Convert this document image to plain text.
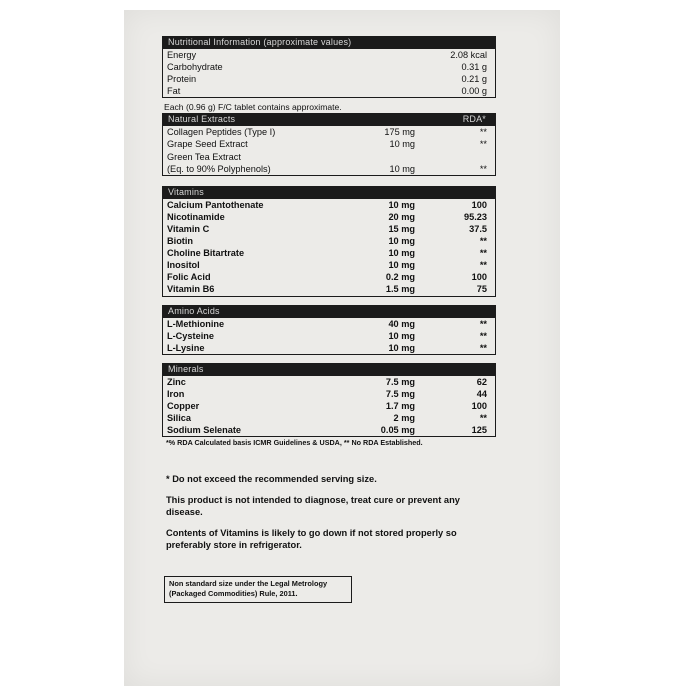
Nutritional Information (approximate values)
Energy	2.08 kcal
Carbohydrate	0.31 g
Protein	0.21 g
Fat	0.00 g
Each (0.96 g) F/C tablet contains approximate.
Natural Extracts	RDA*
Collagen Peptides (Type I)	175 mg	**
Grape Seed Extract	10 mg	**
Green Tea Extract
(Eq. to 90% Polyphenols)	10 mg	**
Vitamins
Calcium Pantothenate	10 mg	100
Nicotinamide	20 mg	95.23
Vitamin C	15 mg	37.5
Biotin	10 mg	**
Choline Bitartrate	10 mg	**
Inositol	10 mg	**
Folic Acid	0.2 mg	100
Vitamin B6	1.5 mg	75
Amino Acids
L-Methionine	40 mg	**
L-Cysteine	10 mg	**
L-Lysine	10 mg	**
Minerals
Zinc	7.5 mg	62
Iron	7.5 mg	44
Copper	1.7 mg	100
Silica	2 mg	**
Sodium Selenate	0.05 mg	125
*% RDA Calculated basis ICMR Guidelines & USDA, ** No RDA Established.

* Do not exceed the recommended serving size.

This product is not intended to diagnose, treat cure or prevent any disease.

Contents of Vitamins is likely to go down if not stored properly so preferably store in refrigerator.

Non standard size under the Legal Metrology (Packaged Commodities) Rule, 2011.
